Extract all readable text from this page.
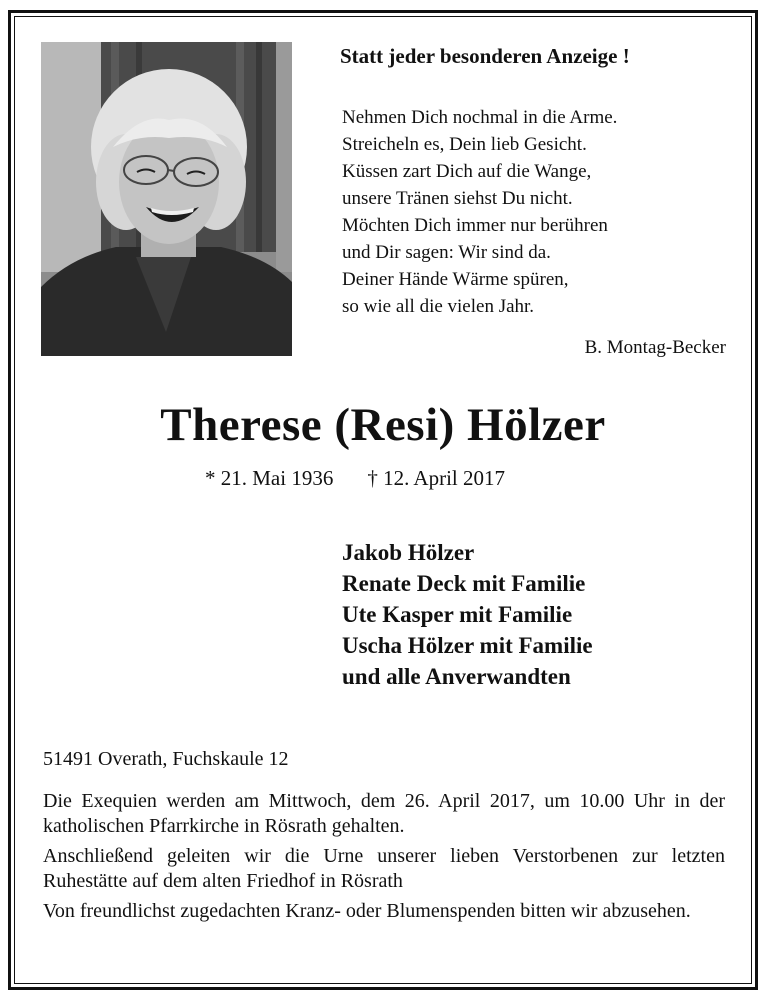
Statt jeder besonderen Anzeige !
Nehmen Dich nochmal in die Arme.
Streicheln es, Dein lieb Gesicht.
Küssen zart Dich auf die Wange,
unsere Tränen siehst Du nicht.
Möchten Dich immer nur berühren
und Dir sagen: Wir sind da.
Deiner Hände Wärme spüren,
so wie all die vielen Jahr.
B. Montag-Becker
Therese (Resi) Hölzer
* 21. Mai 1936 † 12. April 2017
Jakob Hölzer
Renate Deck mit Familie
Ute Kasper mit Familie
Uscha Hölzer mit Familie
und alle Anverwandten
51491 Overath, Fuchskaule 12

Die Exequien werden am Mittwoch, dem 26. April 2017, um 10.00 Uhr in der katholischen Pfarrkirche in Rösrath gehalten.

Anschließend geleiten wir die Urne unserer lieben Verstorbenen zur letzten Ruhestätte auf dem alten Friedhof in Rösrath

Von freundlichst zugedachten Kranz- oder Blumenspenden bitten wir abzusehen.
